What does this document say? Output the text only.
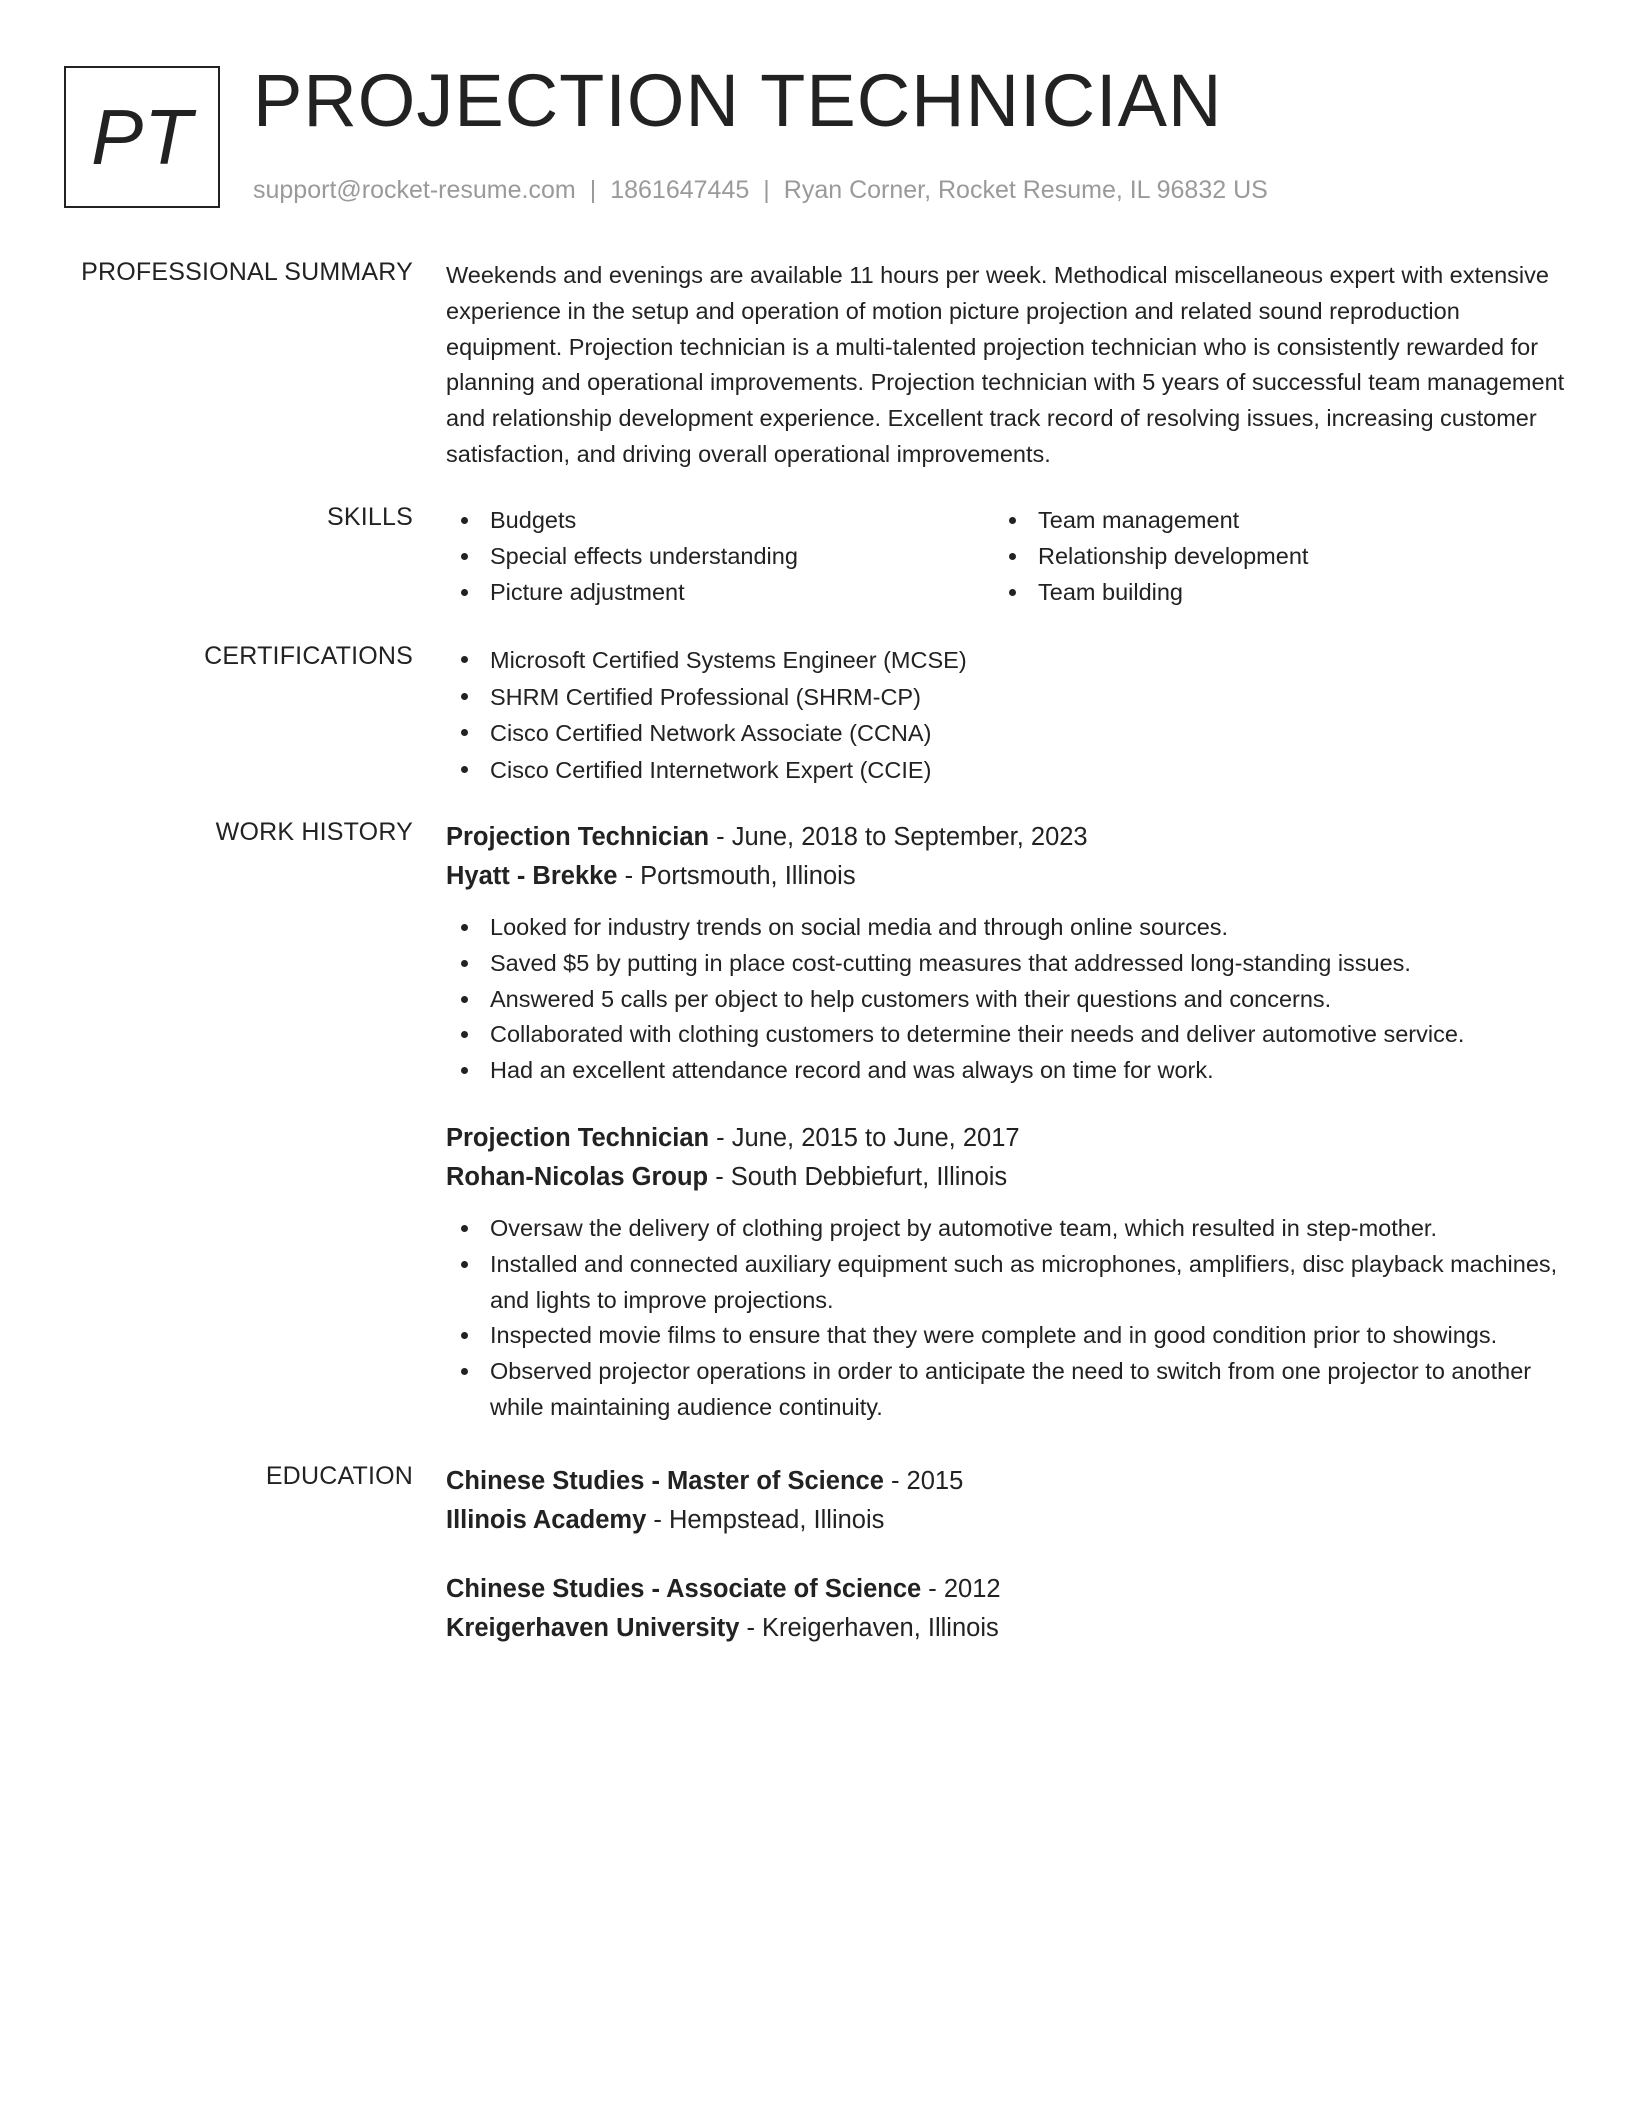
PT PROJECTION TECHNICIAN
support@rocket-resume.com | 1861647445 | Ryan Corner, Rocket Resume, IL 96832 US
PROFESSIONAL SUMMARY Weekends and evenings are available 11 hours per week. Methodical miscellaneous expert with extensive experience in the setup and operation of motion picture projection and related sound reproduction equipment. Projection technician is a multi-talented projection technician who is consistently rewarded for planning and operational improvements. Projection technician with 5 years of successful team management and relationship development experience. Excellent track record of resolving issues, increasing customer satisfaction, and driving overall operational improvements.

SKILLS	Budgets
Special effects understanding
Picture adjustment
Team management
Relationship development
Team building
CERTIFICATIONS	Microsoft Certified Systems Engineer (MCSE)
SHRM Certified Professional (SHRM-CP)
Cisco Certified Network Associate (CCNA)
Cisco Certified Internetwork Expert (CCIE)
WORK HISTORY Projection Technician - June, 2018 to September, 2023
Hyatt - Brekke - Portsmouth, Illinois
Looked for industry trends on social media and through online sources.
Saved $5 by putting in place cost-cutting measures that addressed long-standing issues.
Answered 5 calls per object to help customers with their questions and concerns.
Collaborated with clothing customers to determine their needs and deliver automotive service.
Had an excellent attendance record and was always on time for work.
Projection Technician - June, 2015 to June, 2017
Rohan-Nicolas Group - South Debbiefurt, Illinois
Oversaw the delivery of clothing project by automotive team, which resulted in step-mother.
Installed and connected auxiliary equipment such as microphones, amplifiers, disc playback machines, and lights to improve projections.
Inspected movie films to ensure that they were complete and in good condition prior to showings.
Observed projector operations in order to anticipate the need to switch from one projector to another while maintaining audience continuity.
EDUCATION Chinese Studies - Master of Science - 2015
Illinois Academy - Hempstead, Illinois
Chinese Studies - Associate of Science - 2012
Kreigerhaven University - Kreigerhaven, Illinois
